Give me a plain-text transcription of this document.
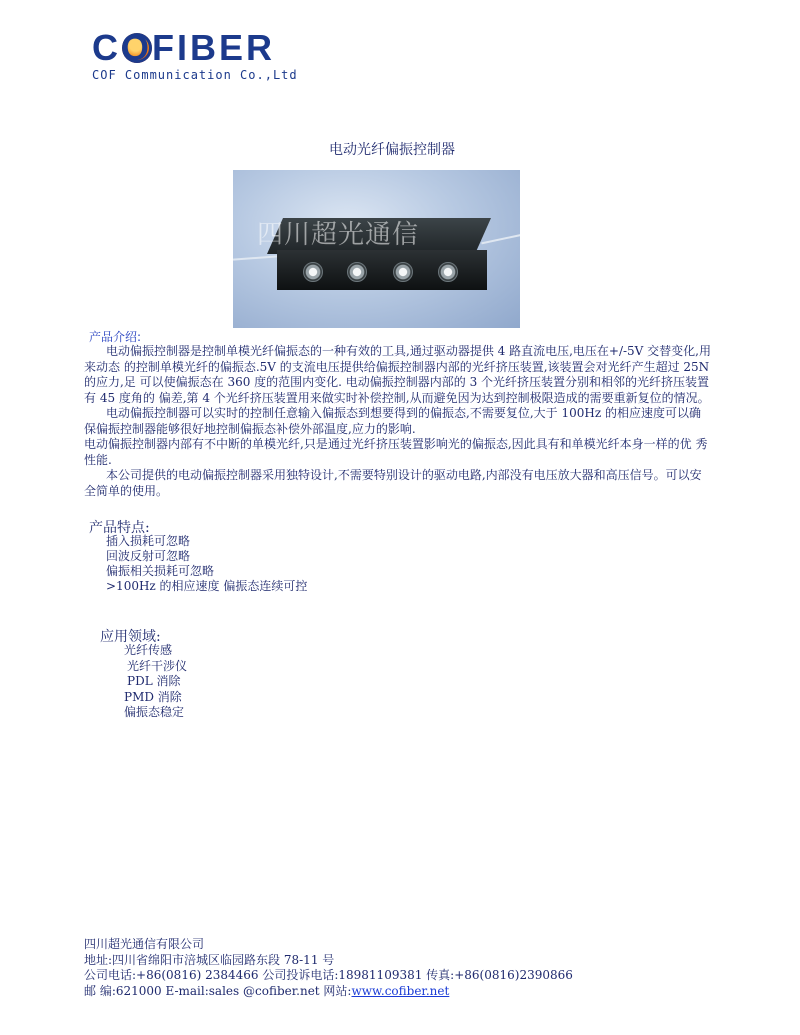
C
OFIBER
COF Communication Co.,Ltd
电动光纤偏振控制器
四川超光通信
产品介绍:
电动偏振控制器是控制单模光纤偏振态的一种有效的工具,通过驱动器提供 4 路直流电压,电压在+/-5V 交替变化,用来动态 的控制单模光纤的偏振态.5V 的支流电压提供给偏振控制器内部的光纤挤压装置,该装置会对光纤产生超过 25N 的应力,足 可以使偏振态在 360 度的范围内变化. 电动偏振控制器内部的 3 个光纤挤压装置分别和相邻的光纤挤压装置有 45 度角的 偏差,第 4 个光纤挤压装置用来做实时补偿控制,从而避免因为达到控制极限造成的需要重新复位的情况。
电动偏振控制器可以实时的控制任意输入偏振态到想要得到的偏振态,不需要复位,大于 100Hz 的相应速度可以确保偏振控制器能够很好地控制偏振态补偿外部温度,应力的影响.
电动偏振控制器内部有不中断的单模光纤,只是通过光纤挤压装置影响光的偏振态,因此具有和单模光纤本身一样的优 秀性能.
本公司提供的电动偏振控制器采用独特设计,不需要特别设计的驱动电路,内部没有电压放大器和高压信号。可以安全简单的使用。
产品特点:
插入损耗可忽略
回波反射可忽略
偏振相关损耗可忽略
>100Hz 的相应速度 偏振态连续可控
应用领域:
光纤传感
光纤干涉仪
PDL 消除
PMD 消除
偏振态稳定
四川超光通信有限公司
地址:四川省绵阳市涪城区临园路东段 78-11 号
公司电话:+86(0816) 2384466 公司投诉电话:18981109381 传真:+86(0816)2390866
邮 编:621000 E-mail:sales @cofiber.net 网站:www.cofiber.net
